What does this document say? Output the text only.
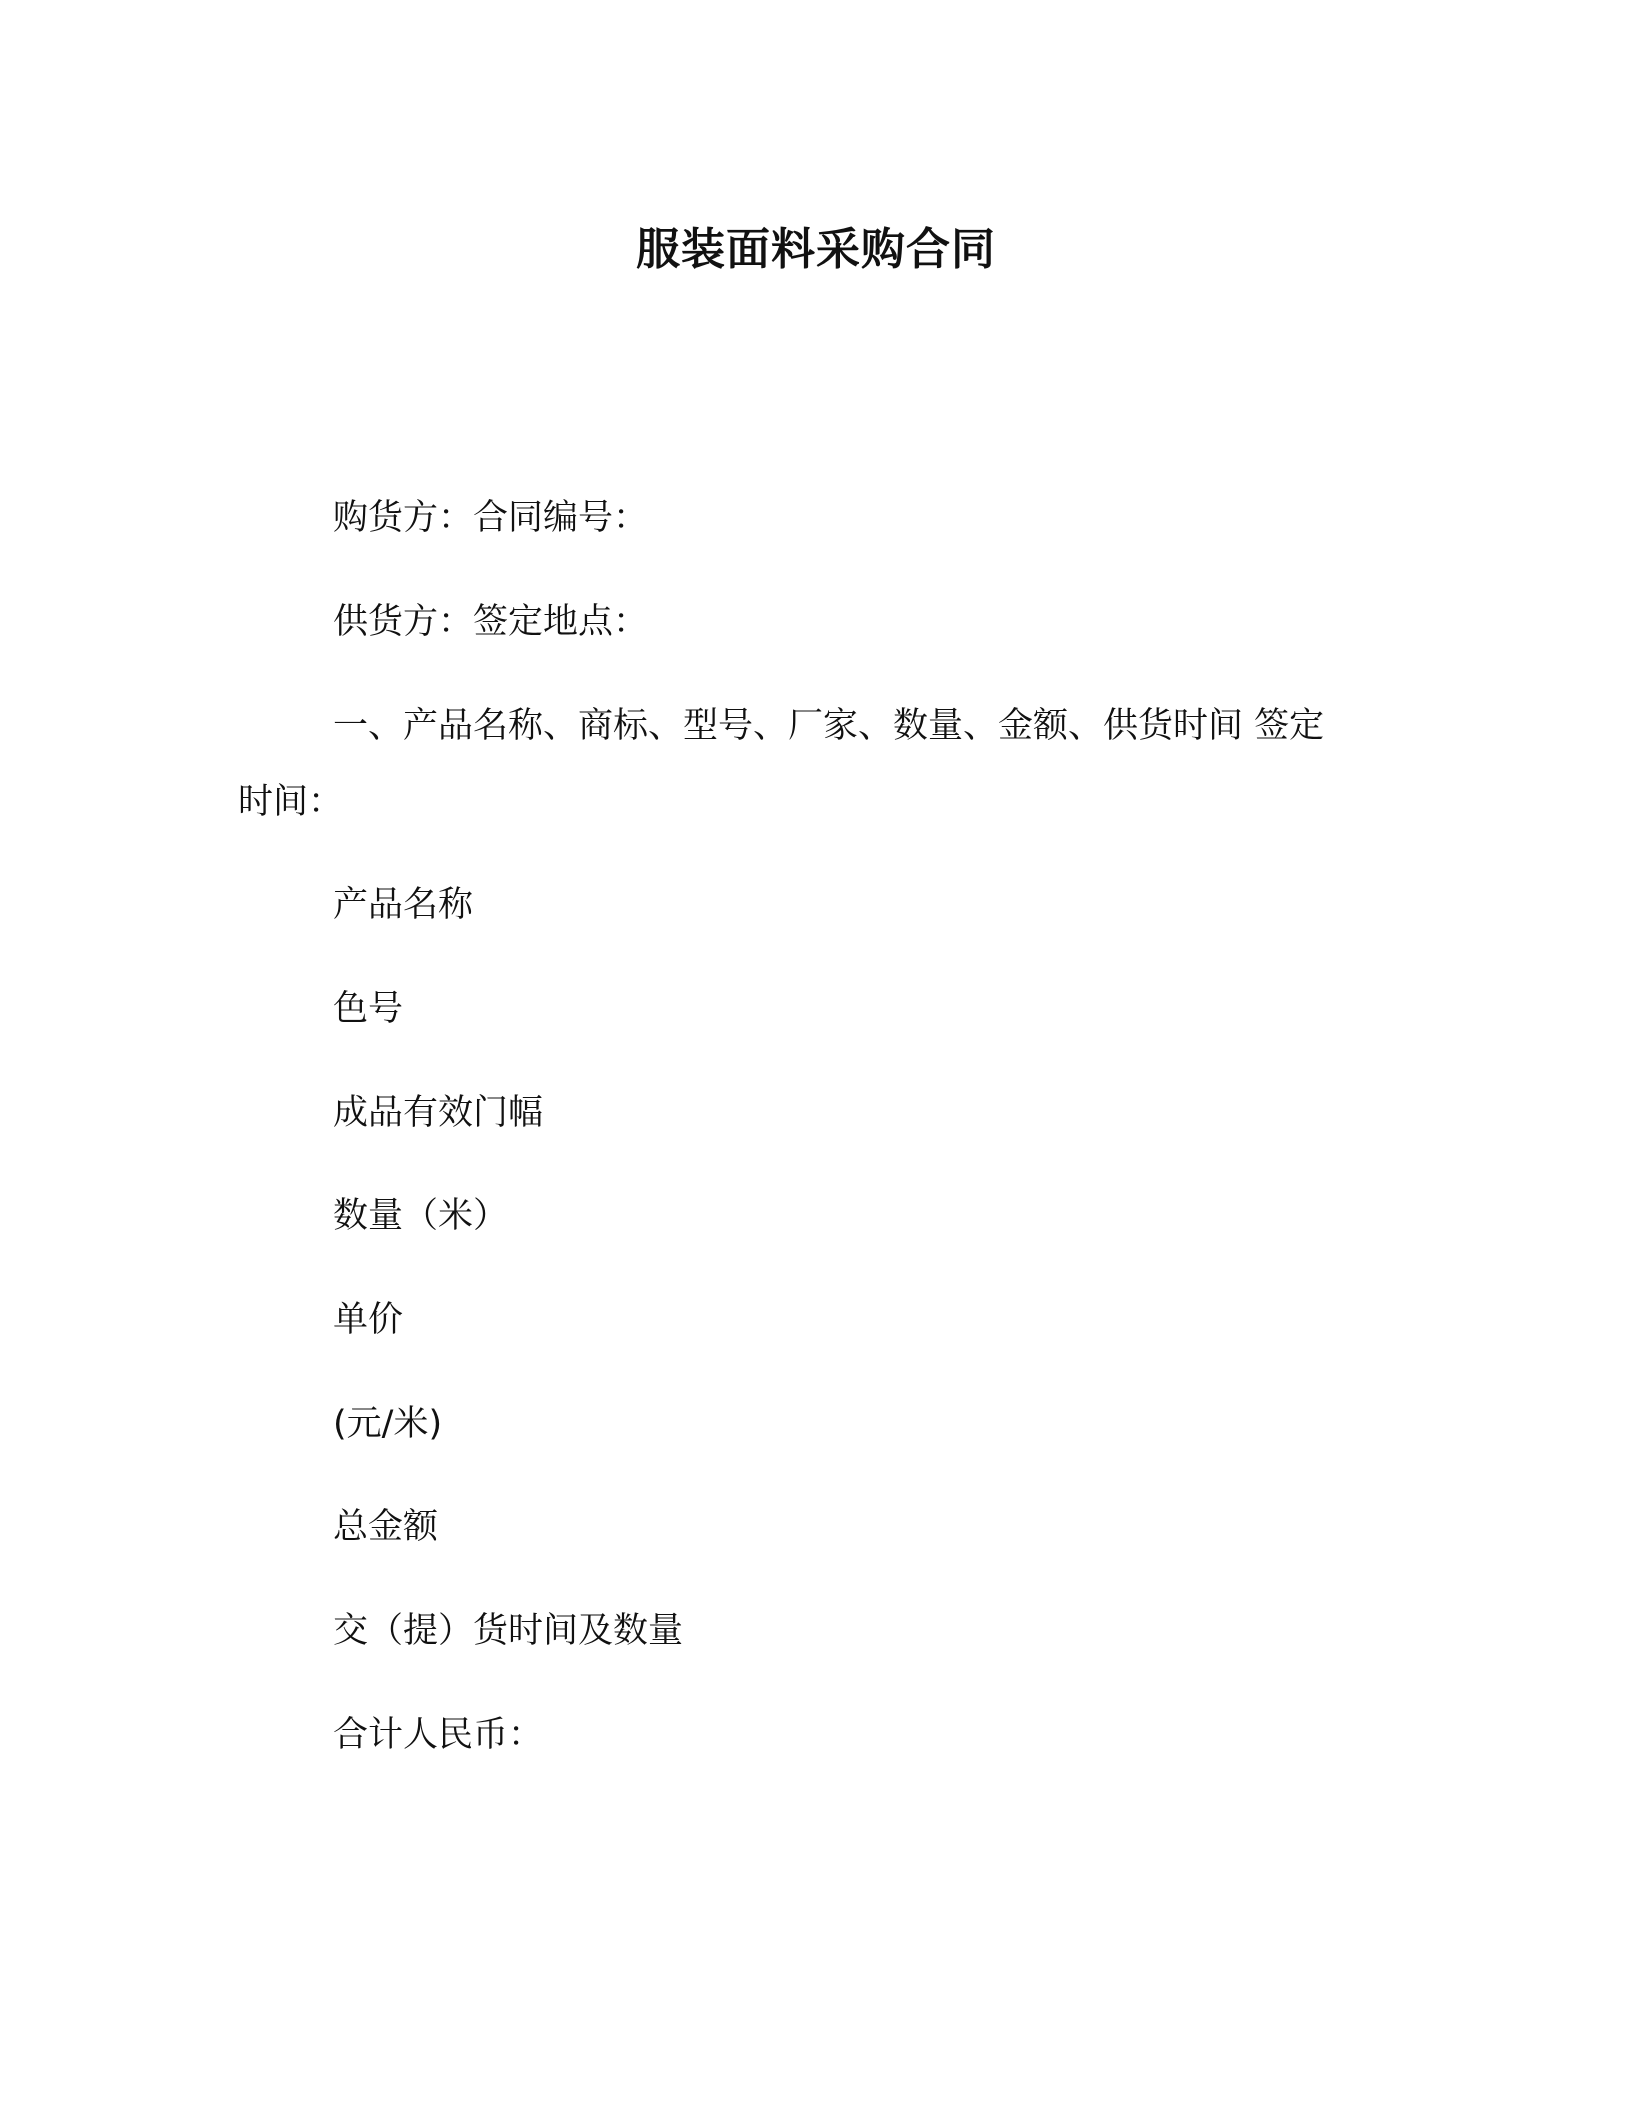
服装面料采购合同
购货方：合同编号：
供货方：签定地点：
一、产品名称、商标、型号、厂家、数量、金额、供货时间 签定
时间：
产品名称
色号
成品有效门幅
数量（米）
单价
(元/米)
总金额
交（提）货时间及数量
合计人民币：
